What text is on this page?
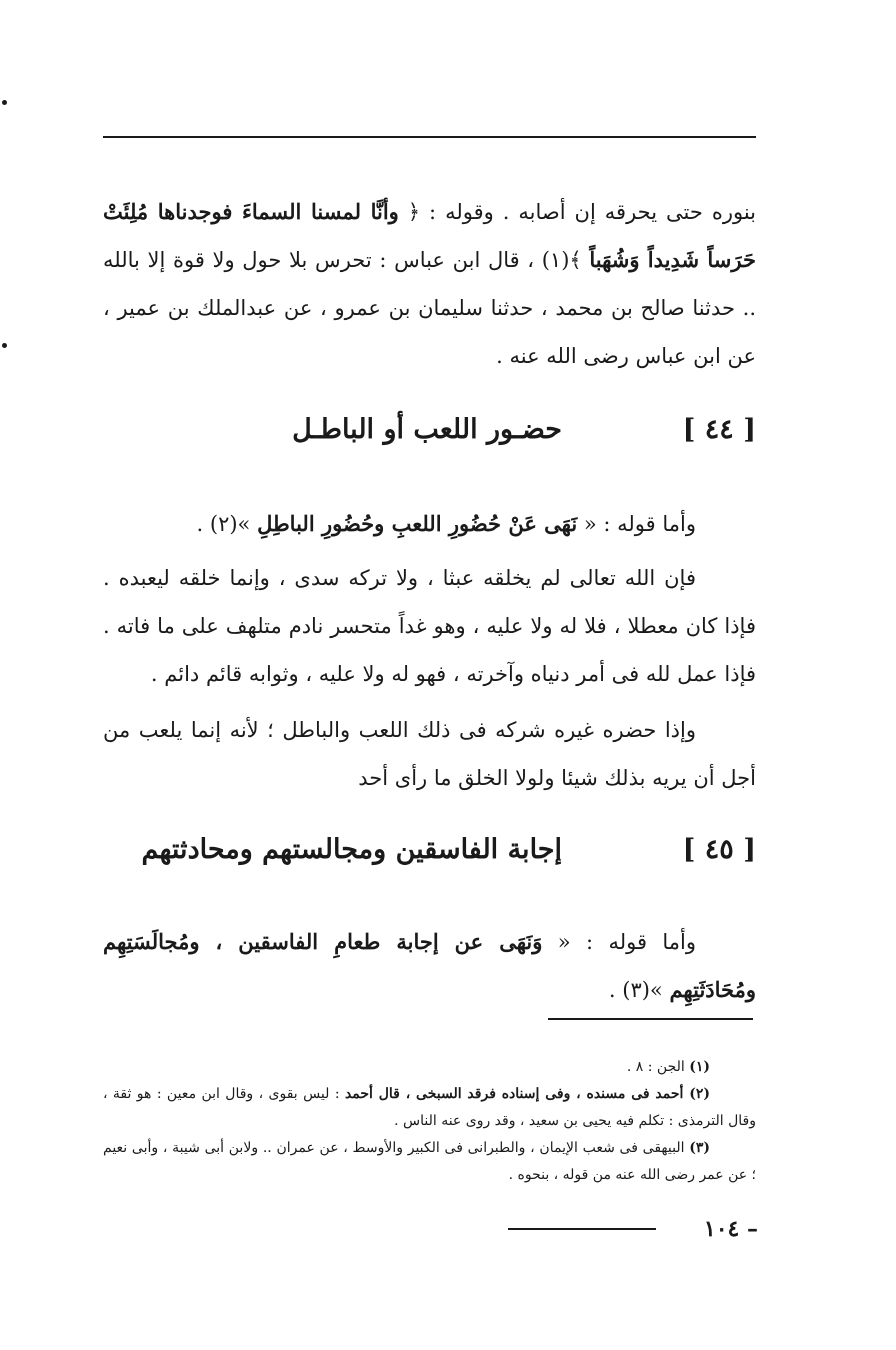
بنوره حتى يحرقه إن أصابه . وقوله : ﴿ وأنَّا لمسنا السماءَ فوجدناها مُلِئَتْ حَرَساً شَدِيداً وَشُهَباً ﴾(١) ، قال ابن عباس : تحرس بلا حول ولا قوة إلا بالله .. حدثنا صالح بن محمد ، حدثنا سليمان بن عمرو ، عن عبدالملك بن عمير ، عن ابن عباس رضى الله عنه .

[ ٤٤ ]
حضـور اللعب أو الباطـل

وأما قوله : « نَهَى عَنْ حُضُورِ اللعبِ وحُضُورِ الباطِلِ »(٢) .

فإن الله تعالى لم يخلقه عبثا ، ولا تركه سدى ، وإنما خلقه ليعبده . فإذا كان معطلا ، فلا له ولا عليه ، وهو غداً متحسر نادم متلهف على ما فاته . فإذا عمل لله فى أمر دنياه وآخرته ، فهو له ولا عليه ، وثوابه قائم دائم .

وإذا حضره غيره شركه فى ذلك اللعب والباطل ؛ لأنه إنما يلعب من أجل أن يريه بذلك شيئا ولولا الخلق ما رأى أحد

[ ٤٥ ]
إجابة الفاسقين ومجالستهم ومحادثتهم

وأما قوله : « وَنَهَى عن إجابة طعامِ الفاسقين ، ومُجالَسَتِهِم ومُحَادَثَتِهِم »(٣) .

(١) الجن : ٨ .

(٢) أحمد فى مسنده ، وفى إسناده فرقد السبخى ، قال أحمد : ليس بقوى ، وقال ابن معين : هو ثقة ، وقال الترمذى : تكلم فيه يحيى بن سعيد ، وقد روى عنه الناس .

(٣) البيهقى فى شعب الإيمان ، والطبرانى فى الكبير والأوسط ، عن عمران .. ولابن أبى شيبة ، وأبى نعيم ؛ عن عمر رضى الله عنه من قوله ، بنحوه .

– ١٠٤
